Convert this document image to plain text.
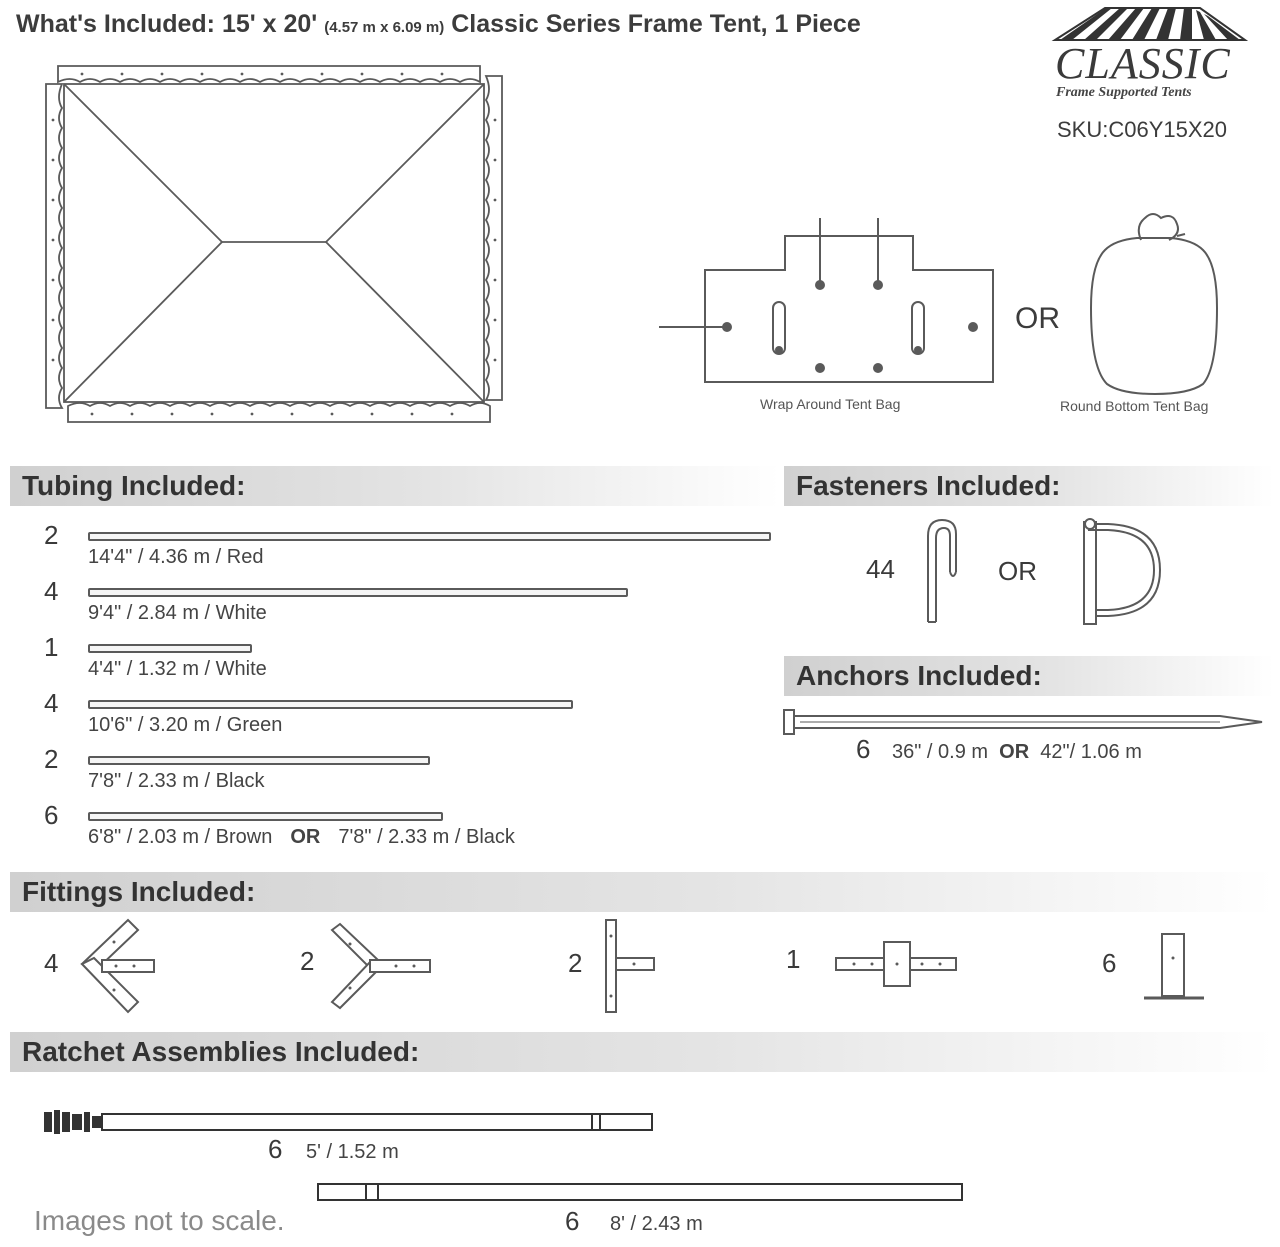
What's Included: 15' x 20' (4.57 m x 6.09 m) Classic Series Frame Tent, 1 Piece
CLASSIC
Frame Supported Tents
SKU:C06Y15X20
Wrap Around Tent Bag
OR
Round Bottom Tent Bag
Tubing Included:
2
14'4" / 4.36 m / Red
4
9'4" / 2.84 m / White
1
4'4" / 1.32 m / White
4
10'6" / 3.20 m / Green
2
7'8" / 2.33 m / Black
6
6'8" / 2.03 m / Brown OR 7'8" / 2.33 m / Black
Fasteners Included:
44	OR
Anchors Included:
6 36" / 0.9 m OR 42"/ 1.06 m
Fittings Included:
4	2	2	1	6
Ratchet Assemblies Included:
6 5' / 1.52 m
6 8' / 2.43 m
Images not to scale.
